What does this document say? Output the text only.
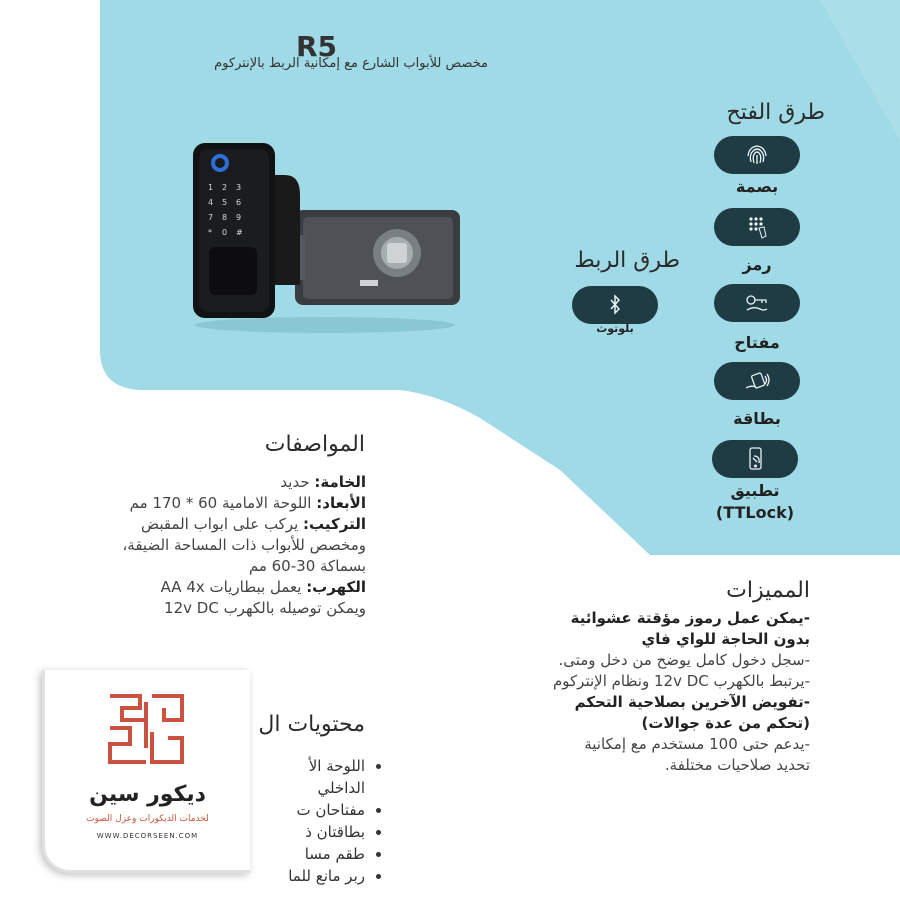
R5
مخصص للأبواب الشارع مع إمكانية الربط بالإنتركوم
1 2 3
4 5 6
7 8 9
* 0 #
طرق الفتح
بصمة
رمز
مفتاح
بطاقة
تطبيق
(TTLock)
طرق الربط
بلوتوث
المواصفات
الخامة: حديد
الأبعاد: اللوحة الامامية 60 * 170 مم
التركيب: يركب على ابواب المقبض ومخصص للأبواب ذات المساحة الضيقة، بسماكة 30-60 مم
الكهرب: يعمل ببطاريات AA 4x ويمكن توصيله بالكهرب 12v DC
المميزات
-يمكن عمل رموز مؤقتة عشوائية بدون الحاجة للواي فاي
-سجل دخول كامل يوضح من دخل ومتى.
-يرتبط بالكهرب 12v DC ونظام الإنتركوم
-تفويض الآخرين بصلاحية التحكم (تحكم من عدة جوالات)
-يدعم حتى 100 مستخدم مع إمكانية تحديد صلاحيات مختلفة.
محتويات ال
• اللوحة الأ
الداخلي
• مفتاحان ت
• بطاقتان ذ
• طقم مسا
• ربر مانع للما
ديكور سين
لخدمات الديكورات وعزل الصوت
WWW.DECORSEEN.COM
